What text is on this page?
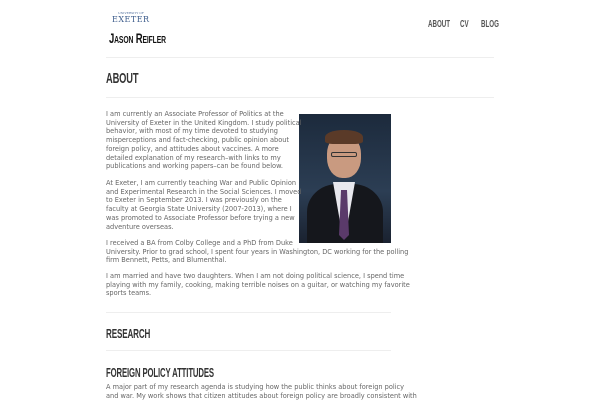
UNIVERSITY OF
EXETER
Jason Reifler
ABOUT CV BLOG
ABOUT
I am currently an Associate Professor of Politics at the
University of Exeter in the United Kingdom. I study political
behavior, with most of my time devoted to studying
misperceptions and fact-checking, public opinion about
foreign policy, and attitudes about vaccines. A more
detailed explanation of my research–with links to my
publications and working papers–can be found below.
At Exeter, I am currently teaching War and Public Opinion
and Experimental Research in the Social Sciences. I moved
to Exeter in September 2013. I was previously on the
faculty at Georgia State University (2007-2013), where I
was promoted to Associate Professor before trying a new
adventure overseas.
I received a BA from Colby College and a PhD from Duke
University. Prior to grad school, I spent four years in Washington, DC working for the polling
firm Bennett, Petts, and Blumenthal.
I am married and have two daughters. When I am not doing political science, I spend time
playing with my family, cooking, making terrible noises on a guitar, or watching my favorite
sports teams.
RESEARCH
FOREIGN POLICY ATTITUDES
A major part of my research agenda is studying how the public thinks about foreign policy
and war. My work shows that citizen attitudes about foreign policy are broadly consistent with
